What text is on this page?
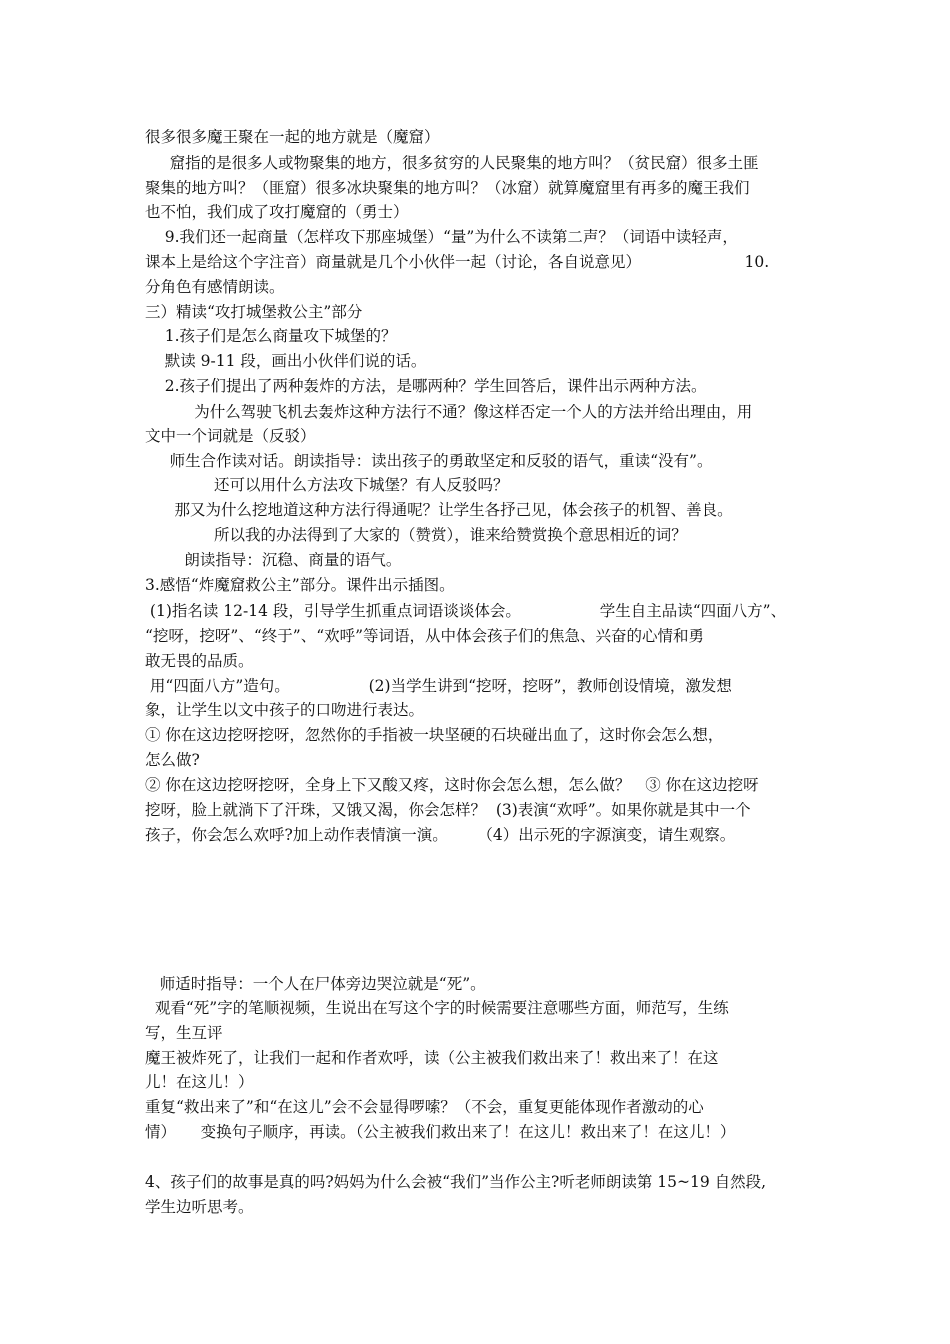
很多很多魔王聚在一起的地方就是（魔窟）
窟指的是很多人或物聚集的地方，很多贫穷的人民聚集的地方叫？（贫民窟）很多土匪
聚集的地方叫？（匪窟）很多冰块聚集的地方叫？（冰窟）就算魔窟里有再多的魔王我们
也不怕，我们成了攻打魔窟的（勇士）
9.我们还一起商量（怎样攻下那座城堡）“量”为什么不读第二声？（词语中读轻声，
课本上是给这个字注音）商量就是几个小伙伴一起（讨论，各自说意见）                     10.
分角色有感情朗读。
三）精读“攻打城堡救公主”部分
1.孩子们是怎么商量攻下城堡的？
默读 9-11 段，画出小伙伴们说的话。
2.孩子们提出了两种轰炸的方法，是哪两种？学生回答后，课件出示两种方法。
为什么驾驶飞机去轰炸这种方法行不通？像这样否定一个人的方法并给出理由，用
文中一个词就是（反驳）
师生合作读对话。朗读指导：读出孩子的勇敢坚定和反驳的语气，重读“没有”。
还可以用什么方法攻下城堡？有人反驳吗？
那又为什么挖地道这种方法行得通呢？让学生各抒己见，体会孩子的机智、善良。
所以我的办法得到了大家的（赞赏），谁来给赞赏换个意思相近的词？
朗读指导：沉稳、商量的语气。
3.感悟“炸魔窟救公主”部分。课件出示插图。
(1)指名读 12-14 段，引导学生抓重点词语谈谈体会。                学生自主品读“四面八方”、
“挖呀，挖呀”、“终于”、“欢呼”等词语，从中体会孩子们的焦急、兴奋的心情和勇
敢无畏的品质。
用“四面八方”造句。                (2)当学生讲到“挖呀，挖呀”，教师创设情境，激发想
象，让学生以文中孩子的口吻进行表达。
① 你在这边挖呀挖呀，忽然你的手指被一块坚硬的石块碰出血了，这时你会怎么想，
怎么做?
② 你在这边挖呀挖呀，全身上下又酸又疼，这时你会怎么想，怎么做？   ③ 你在这边挖呀
挖呀，脸上就淌下了汗珠，又饿又渴，你会怎样？  (3)表演“欢呼”。如果你就是其中一个
孩子，你会怎么欢呼?加上动作表情演一演。      （4）出示死的字源演变，请生观察。
师适时指导：一个人在尸体旁边哭泣就是“死”。
观看“死”字的笔顺视频，生说出在写这个字的时候需要注意哪些方面，师范写，生练
写，生互评
魔王被炸死了，让我们一起和作者欢呼，读（公主被我们救出来了！救出来了！在这
儿！在这儿！）
重复“救出来了”和“在这儿”会不会显得啰嗦？（不会，重复更能体现作者激动的心
情）     变换句子顺序，再读。（公主被我们救出来了！在这儿！救出来了！在这儿！）
4、孩子们的故事是真的吗?妈妈为什么会被“我们”当作公主?听老师朗读第 15~19 自然段,
学生边听思考。
